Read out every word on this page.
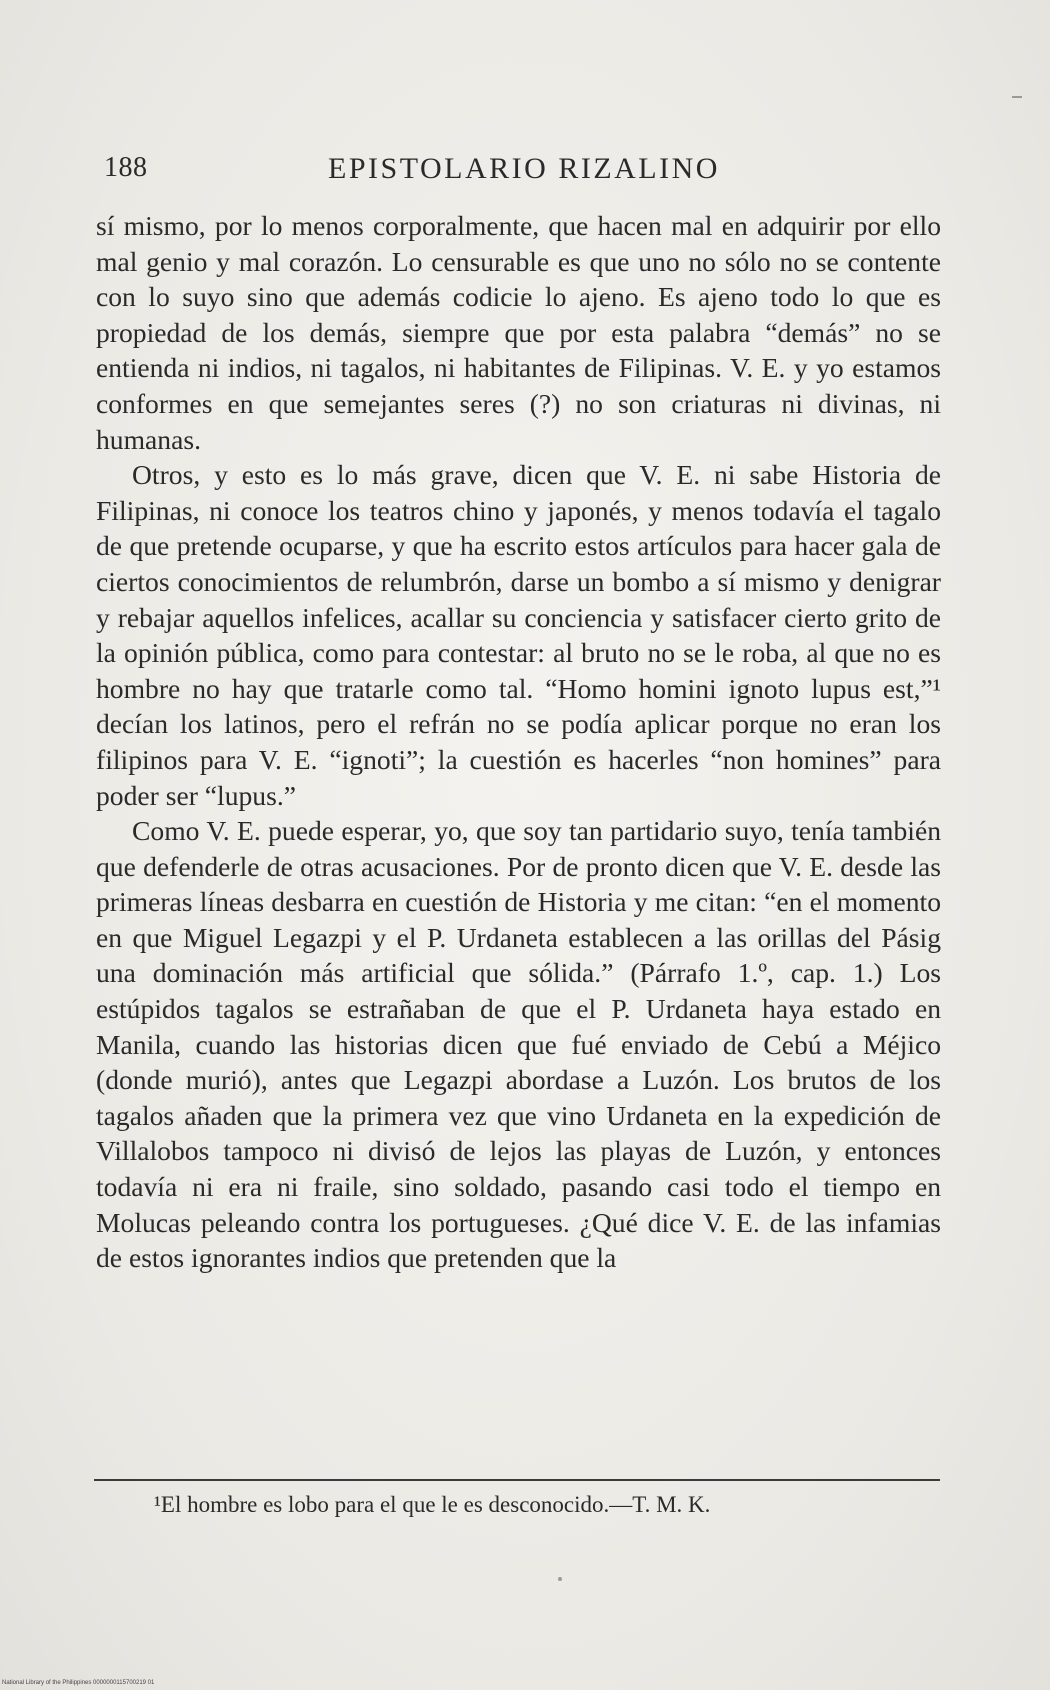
188	EPISTOLARIO RIZALINO

sí mismo, por lo menos corporalmente, que hacen mal en adquirir por ello mal genio y mal corazón. Lo censurable es que uno no sólo no se contente con lo suyo sino que además codicie lo ajeno. Es ajeno todo lo que es propiedad de los demás, siempre que por esta palabra “demás” no se entienda ni indios, ni tagalos, ni habitantes de Filipinas. V. E. y yo estamos conformes en que semejantes seres (?) no son criaturas ni divinas, ni humanas.

Otros, y esto es lo más grave, dicen que V. E. ni sabe Historia de Filipinas, ni conoce los teatros chino y japonés, y menos todavía el tagalo de que pretende ocuparse, y que ha escrito estos artículos para hacer gala de ciertos conocimientos de relumbrón, darse un bombo a sí mismo y denigrar y rebajar aquellos infelices, acallar su conciencia y satisfacer cierto grito de la opinión pública, como para contestar: al bruto no se le roba, al que no es hombre no hay que tratarle como tal. “Homo homini ignoto lupus est,”¹ decían los latinos, pero el refrán no se podía aplicar porque no eran los filipinos para V. E. “ignoti”; la cuestión es hacerles “non homines” para poder ser “lupus.”

Como V. E. puede esperar, yo, que soy tan partidario suyo, tenía también que defenderle de otras acusaciones. Por de pronto dicen que V. E. desde las primeras líneas desbarra en cuestión de Historia y me citan: “en el momento en que Miguel Legazpi y el P. Urdaneta establecen a las orillas del Pásig una dominación más artificial que sólida.” (Párrafo 1.º, cap. 1.) Los estúpidos tagalos se estrañaban de que el P. Urdaneta haya estado en Manila, cuando las historias dicen que fué enviado de Cebú a Méjico (donde murió), antes que Legazpi abordase a Luzón. Los brutos de los tagalos añaden que la primera vez que vino Urdaneta en la expedición de Villalobos tampoco ni divisó de lejos las playas de Luzón, y entonces todavía ni era ni fraile, sino soldado, pasando casi todo el tiempo en Molucas peleando contra los portugueses. ¿Qué dice V. E. de las infamias de estos ignorantes indios que pretenden que la

¹El hombre es lobo para el que le es desconocido.—T. M. K.
National Library of the Philippines 0000000115700219 01
